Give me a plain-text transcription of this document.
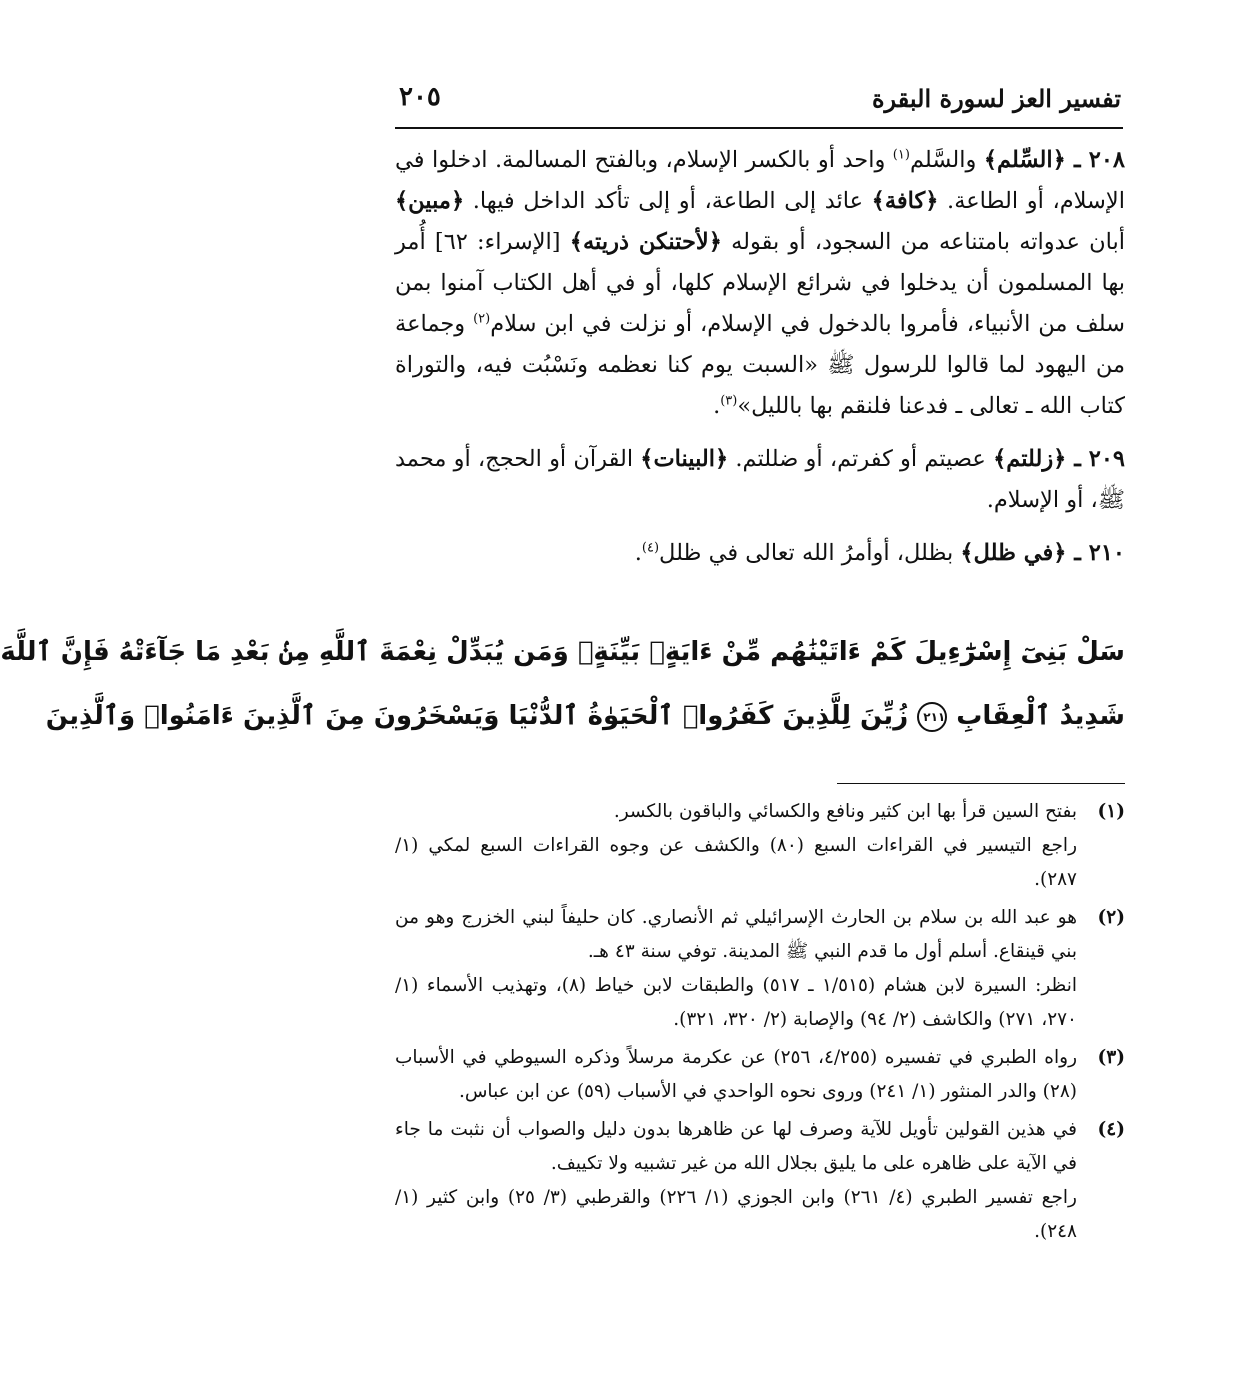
تفسير العز لسورة البقرة
٢٠٥

٢٠٨ ـ ﴿السِّلم﴾ والسَّلم$^{(١)}$ واحد أو بالكسر الإسلام، وبالفتح المسالمة. ادخلوا في الإسلام، أو الطاعة. ﴿كافة﴾ عائد إلى الطاعة، أو إلى تأكد الداخل فيها. ﴿مبين﴾ أبان عدواته بامتناعه من السجود، أو بقوله ﴿لأحتنكن ذريته﴾ [الإسراء: ٦٢] أُمر بها المسلمون أن يدخلوا في شرائع الإسلام كلها، أو في أهل الكتاب آمنوا بمن سلف من الأنبياء، فأمروا بالدخول في الإسلام، أو نزلت في ابن سلام$^{(٢)}$ وجماعة من اليهود لما قالوا للرسول ﷺ «السبت يوم كنا نعظمه ونَسْبُت فيه، والتوراة كتاب الله ـ تعالى ـ فدعنا فلنقم بها بالليل»$^{(٣)}$.

٢٠٩ ـ ﴿زللتم﴾ عصيتم أو كفرتم، أو ضللتم. ﴿البينات﴾ القرآن أو الحجج، أو محمد ﷺ، أو الإسلام.

٢١٠ ـ ﴿في ظلل﴾ بظلل، أوأمرُ الله تعالى في ظلل$^{(٤)}$.

سَلْ بَنِىٓ إِسْرَٰٓءِيلَ كَمْ ءَاتَيْنَٰهُم مِّنْ ءَايَةٍۭ بَيِّنَةٍۗ وَمَن يُبَدِّلْ نِعْمَةَ ٱللَّهِ مِنۢ بَعْدِ مَا جَآءَتْهُ فَإِنَّ ٱللَّهَ
شَدِيدُ ٱلْعِقَابِ ٢١١ زُيِّنَ لِلَّذِينَ كَفَرُوا۟ ٱلْحَيَوٰةُ ٱلدُّنْيَا وَيَسْخَرُونَ مِنَ ٱلَّذِينَ ءَامَنُوا۟ وَٱلَّذِينَ
(١)

بفتح السين قرأ بها ابن كثير ونافع والكسائي والباقون بالكسر.

راجع التيسير في القراءات السبع (٨٠) والكشف عن وجوه القراءات السبع لمكي (١/ ٢٨٧).

(٢)

هو عبد الله بن سلام بن الحارث الإسرائيلي ثم الأنصاري. كان حليفاً لبني الخزرج وهو من بني قينقاع. أسلم أول ما قدم النبي ﷺ المدينة. توفي سنة ٤٣ هـ.

انظر: السيرة لابن هشام (١/٥١٥ ـ ٥١٧) والطبقات لابن خياط (٨)، وتهذيب الأسماء (١/ ٢٧٠، ٢٧١) والكاشف (٢/ ٩٤) والإصابة (٢/ ٣٢٠، ٣٢١).

(٣)

رواه الطبري في تفسيره (٤/٢٥٥، ٢٥٦) عن عكرمة مرسلاً وذكره السيوطي في الأسباب (٢٨) والدر المنثور (١/ ٢٤١) وروى نحوه الواحدي في الأسباب (٥٩) عن ابن عباس.

(٤)

في هذين القولين تأويل للآية وصرف لها عن ظاهرها بدون دليل والصواب أن نثبت ما جاء في الآية على ظاهره على ما يليق بجلال الله من غير تشبيه ولا تكييف.

راجع تفسير الطبري (٤/ ٢٦١) وابن الجوزي (١/ ٢٢٦) والقرطبي (٣/ ٢٥) وابن كثير (١/ ٢٤٨).
